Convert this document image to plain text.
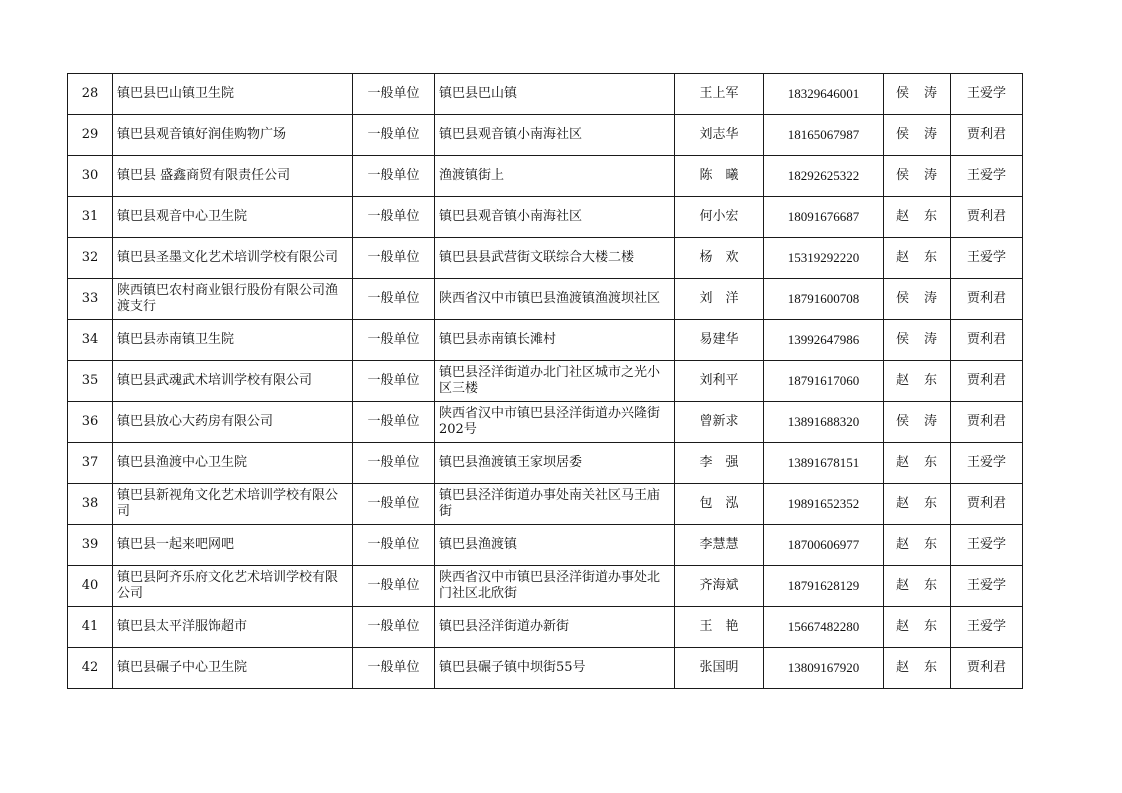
28	镇巴县巴山镇卫生院	一般单位	镇巴县巴山镇	王上军	18329646001	侯　涛	王爱学
29	镇巴县观音镇好润佳购物广场	一般单位	镇巴县观音镇小南海社区	刘志华	18165067987	侯　涛	贾利君
30	镇巴县 盛鑫商贸有限责任公司	一般单位	渔渡镇街上	陈　曦	18292625322	侯　涛	王爱学
31	镇巴县观音中心卫生院	一般单位	镇巴县观音镇小南海社区	何小宏	18091676687	赵　东	贾利君
32	镇巴县圣墨文化艺术培训学校有限公司	一般单位	镇巴县县武营街文联综合大楼二楼	杨　欢	15319292220	赵　东	王爱学
33	陕西镇巴农村商业银行股份有限公司渔渡支行	一般单位	陕西省汉中市镇巴县渔渡镇渔渡坝社区	刘　洋	18791600708	侯　涛	贾利君
34	镇巴县赤南镇卫生院	一般单位	镇巴县赤南镇长滩村	易建华	13992647986	侯　涛	贾利君
35	镇巴县武魂武术培训学校有限公司	一般单位	镇巴县泾洋街道办北门社区城市之光小区三楼	刘利平	18791617060	赵　东	贾利君
36	镇巴县放心大药房有限公司	一般单位	陕西省汉中市镇巴县泾洋街道办兴隆街202号	曾新求	13891688320	侯　涛	贾利君
37	镇巴县渔渡中心卫生院	一般单位	镇巴县渔渡镇王家坝居委	李　强	13891678151	赵　东	王爱学
38	镇巴县新视角文化艺术培训学校有限公司	一般单位	镇巴县泾洋街道办事处南关社区马王庙街	包　泓	19891652352	赵　东	贾利君
39	镇巴县一起来吧网吧	一般单位	镇巴县渔渡镇	李慧慧	18700606977	赵　东	王爱学
40	镇巴县阿齐乐府文化艺术培训学校有限公司	一般单位	陕西省汉中市镇巴县泾洋街道办事处北门社区北欣街	齐海斌	18791628129	赵　东	王爱学
41	镇巴县太平洋服饰超市	一般单位	镇巴县泾洋街道办新街	王　艳	15667482280	赵　东	王爱学
42	镇巴县碾子中心卫生院	一般单位	镇巴县碾子镇中坝街55号	张国明	13809167920	赵　东	贾利君
